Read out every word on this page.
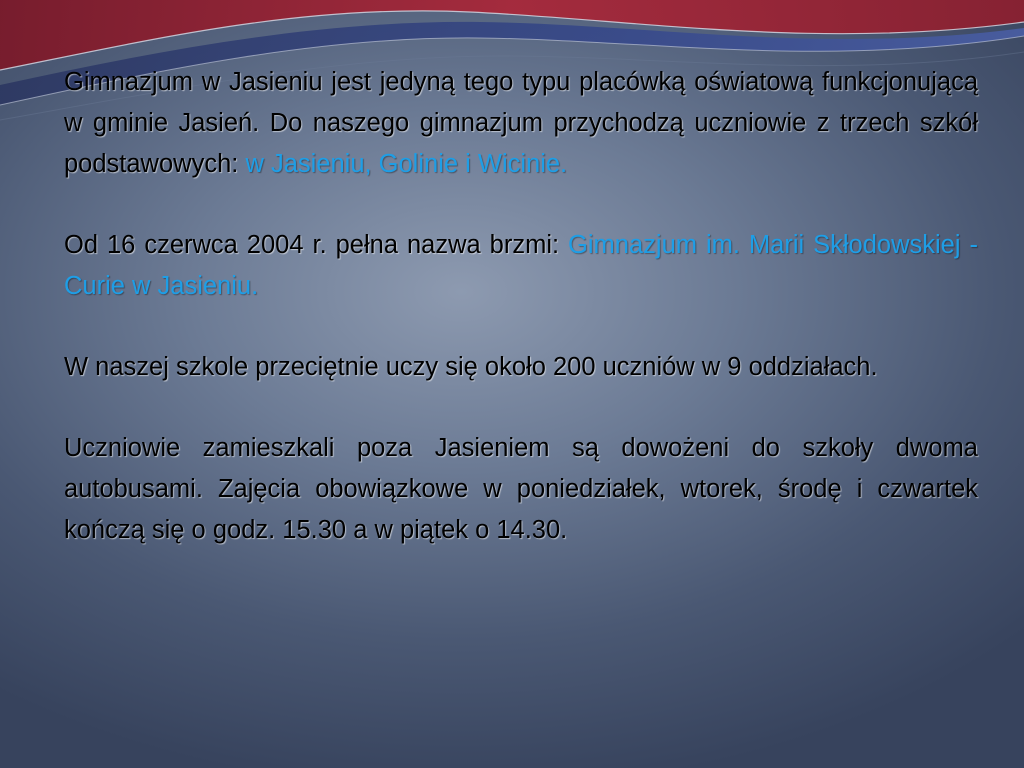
Gimnazjum w Jasieniu jest jedyną tego typu placówką oświatową funkcjonującą w gminie Jasień. Do naszego gimnazjum przychodzą uczniowie z trzech szkół podstawowych: w Jasieniu, Golinie i Wicinie.

Od 16 czerwca 2004 r. pełna nazwa brzmi: Gimnazjum im. Marii Skłodowskiej - Curie w Jasieniu.

W naszej szkole przeciętnie uczy się około 200 uczniów w 9 oddziałach.

Uczniowie zamieszkali poza Jasieniem są dowożeni do szkoły dwoma autobusami. Zajęcia obowiązkowe w poniedziałek, wtorek, środę i czwartek kończą się o godz. 15.30 a w piątek o 14.30.
